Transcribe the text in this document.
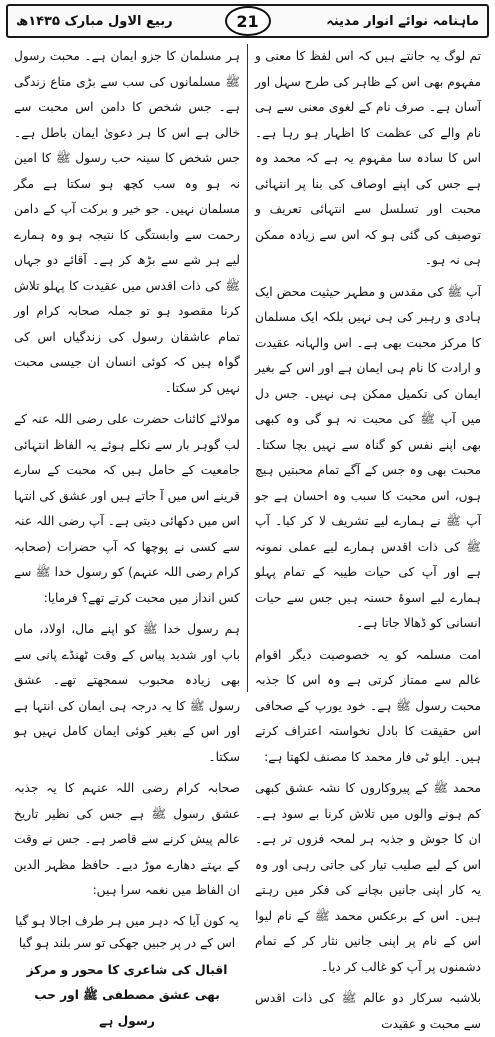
ربیع الاول مبارک ۱۴۳۵ھ	21	ماہنامہ نوائے انوار مدینہ

تم لوگ یہ جانتے ہیں کہ اس لفظ کا معنی و مفہوم بھی اس کے ظاہر کی طرح سہل اور آسان ہے۔ صرف نام کے لغوی معنی سے ہی نام والے کی عظمت کا اظہار ہو رہا ہے۔ اس کا سادہ سا مفہوم یہ ہے کہ محمد وہ ہے جس کی اپنے اوصاف کی بنا پر انتہائی محبت اور تسلسل سے انتہائی تعریف و توصیف کی گئی ہو کہ اس سے زیادہ ممکن ہی نہ ہو۔

آپ ﷺ کی مقدس و مطہر حیثیت محض ایک ہادی و رہبر کی ہی نہیں بلکہ ایک مسلمان کا مرکز محبت بھی ہے۔ اس والہانہ عقیدت و ارادت کا نام ہی ایمان ہے اور اس کے بغیر ایمان کی تکمیل ممکن ہی نہیں۔ جس دل میں آپ ﷺ کی محبت نہ ہو گی وہ کبھی بھی اپنے نفس کو گناہ سے نہیں بچا سکتا۔ محبت بھی وہ جس کے آگے تمام محبتیں ہیچ ہوں، اس محبت کا سبب وہ احسان ہے جو آپ ﷺ نے ہمارے لیے تشریف لا کر کیا۔ آپ ﷺ کی ذات اقدس ہمارے لیے عملی نمونہ ہے اور آپ کی حیات طیبہ کے تمام پہلو ہمارے لیے اسوۂ حسنہ ہیں جس سے حیات انسانی کو ڈھالا جاتا ہے۔

امت مسلمہ کو یہ خصوصیت دیگر اقوام عالم سے ممتاز کرتی ہے وہ اس کا جذبہ محبت رسول ﷺ ہے۔ خود یورپ کے صحافی اس حقیقت کا بادل نخواستہ اعتراف کرتے ہیں۔ ایلو ٹی فار محمد کا مصنف لکھتا ہے:

محمد ﷺ کے پیروکاروں کا نشہ عشق کبھی کم ہونے والوں میں تلاش کرنا بے سود ہے۔ ان کا جوش و جذبہ ہر لمحہ فزوں تر ہے۔ اس کے لیے صلیب تیار کی جاتی رہی اور وہ یہ کار اپنی جانیں بچانے کی فکر میں رہتے ہیں۔ اس کے برعکس محمد ﷺ کے نام لیوا اس کے نام پر اپنی جانیں نثار کر کے تمام دشمنوں پر آپ کو غالب کر دیا۔

بلاشبہ سرکار دو عالم ﷺ کی ذات اقدس سے محبت و عقیدت

ہر مسلمان کا جزو ایمان ہے۔ محبت رسول ﷺ مسلمانوں کی سب سے بڑی متاع زندگی ہے۔ جس شخص کا دامن اس محبت سے خالی ہے اس کا ہر دعویٰ ایمان باطل ہے۔ جس شخص کا سینہ حب رسول ﷺ کا امین نہ ہو وہ سب کچھ ہو سکتا ہے مگر مسلمان نہیں۔ جو خیر و برکت آپ کے دامن رحمت سے وابستگی کا نتیجہ ہو وہ ہمارے لیے ہر شے سے بڑھ کر ہے۔ آقائے دو جہاں ﷺ کی ذات اقدس میں عقیدت کا پہلو تلاش کرنا مقصود ہو تو جملہ صحابہ کرام اور تمام عاشقان رسول کی زندگیاں اس کی گواہ ہیں کہ کوئی انسان ان جیسی محبت نہیں کر سکتا۔

مولائے کائنات حضرت علی رضی اللہ عنہ کے لب گوہر بار سے نکلے ہوئے یہ الفاظ انتہائی جامعیت کے حامل ہیں کہ محبت کے سارے قرینے اس میں آ جاتے ہیں اور عشق کی انتہا اس میں دکھائی دیتی ہے۔ آپ رضی اللہ عنہ سے کسی نے پوچھا کہ آپ حضرات (صحابہ کرام رضی اللہ عنہم) کو رسول خدا ﷺ سے کس انداز میں محبت کرتے تھے؟ فرمایا:

ہم رسول خدا ﷺ کو اپنے مال، اولاد، ماں باپ اور شدید پیاس کے وقت ٹھنڈے پانی سے بھی زیادہ محبوب سمجھتے تھے۔ عشق رسول ﷺ کا یہ درجہ ہی ایمان کی انتہا ہے اور اس کے بغیر کوئی ایمان کامل نہیں ہو سکتا۔

صحابہ کرام رضی اللہ عنہم کا یہ جذبہ عشق رسول ﷺ ہے جس کی نظیر تاریخ عالم پیش کرنے سے قاصر ہے۔ جس نے وقت کے بہتے دھارے موڑ دیے۔ حافظ مظہر الدین ان الفاظ میں نغمہ سرا ہیں:

یہ کون آیا کہ دہر میں ہر طرف اجالا ہو گیا

اس کے در پر جبیں جھکی تو سر بلند ہو گیا

اقبال کی شاعری کا محور و مرکز بھی عشق مصطفی ﷺ اور حب رسول ہے
